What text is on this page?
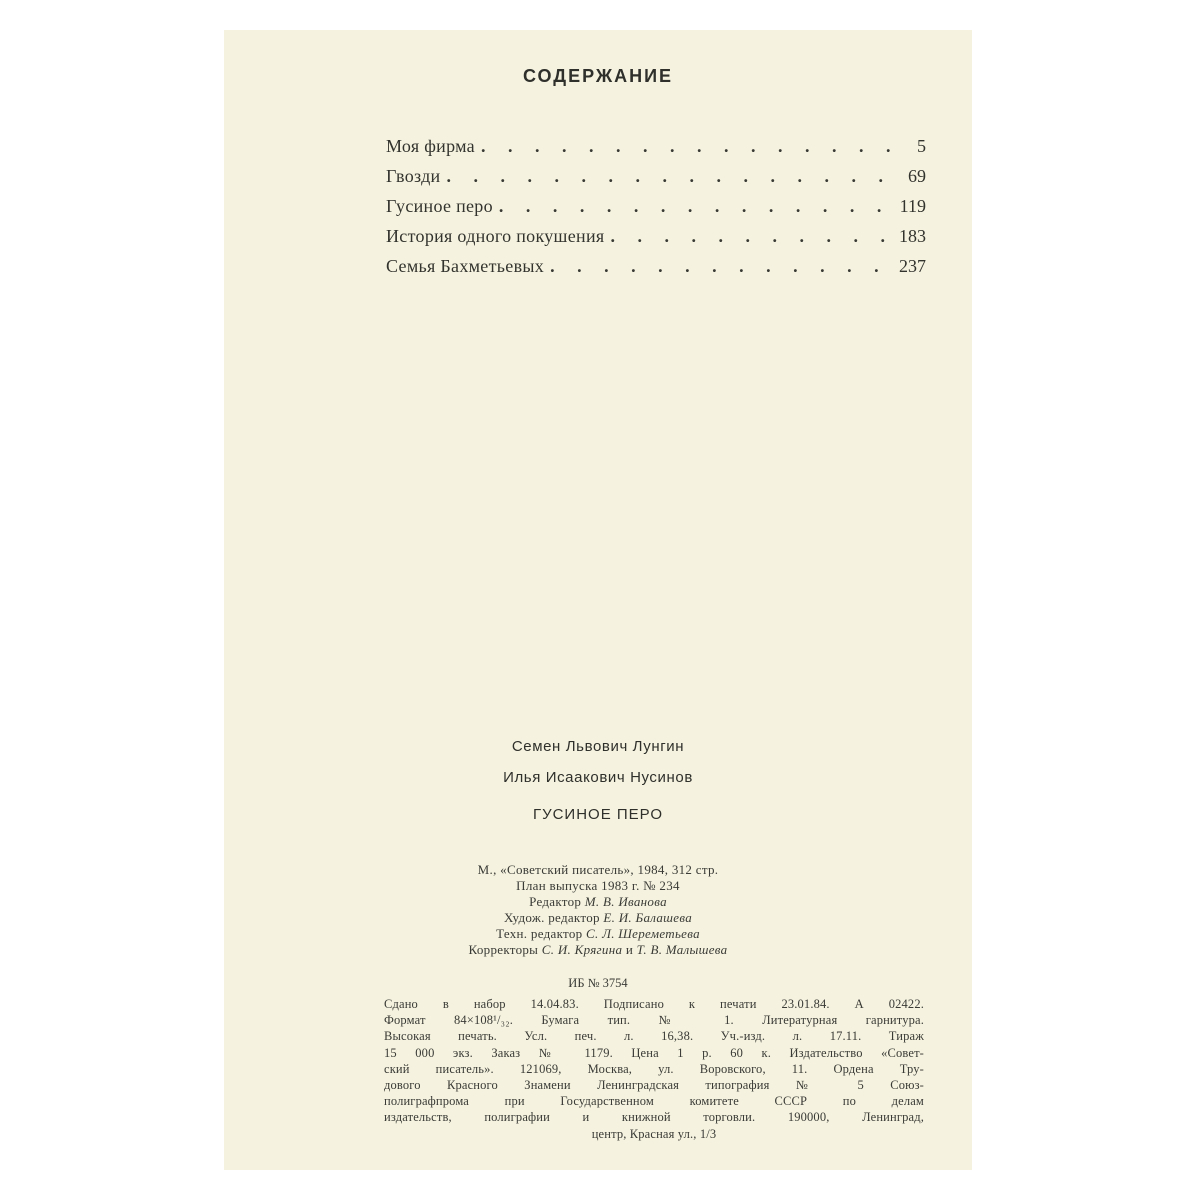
СОДЕРЖАНИЕ
Моя фирма . . .	5
Гвозди . . .	69
Гусиное перо . . .	119
История одного покушения . . .	183
Семья Бахметьевых . . .	237
Семен Львович Лунгин
Илья Исаакович Нусинов
ГУСИНОЕ ПЕРО
М., «Советский писатель», 1984, 312 стр.
План выпуска 1983 г. № 234
Редактор М. В. Иванова
Худож. редактор Е. И. Балашева
Техн. редактор С. Л. Шереметьева
Корректоры С. И. Крягина и Т. В. Малышева
ИБ № 3754
Сдано в набор 14.04.83. Подписано к печати 23.01.84. А 02422.
Формат 84×108¹/₃₂. Бумага тип. № 1. Литературная гарнитура.
Высокая печать. Усл. печ. л. 16,38. Уч.-изд. л. 17.11. Тираж
15 000 экз. Заказ № 1179. Цена 1 р. 60 к. Издательство «Совет-
ский писатель». 121069, Москва, ул. Воровского, 11. Ордена Тру-
дового Красного Знамени Ленинградская типография № 5 Союз-
полиграфпрома при Государственном комитете СССР по делам
издательств, полиграфии и книжной торговли. 190000, Ленинград,
центр, Красная ул., 1/3
